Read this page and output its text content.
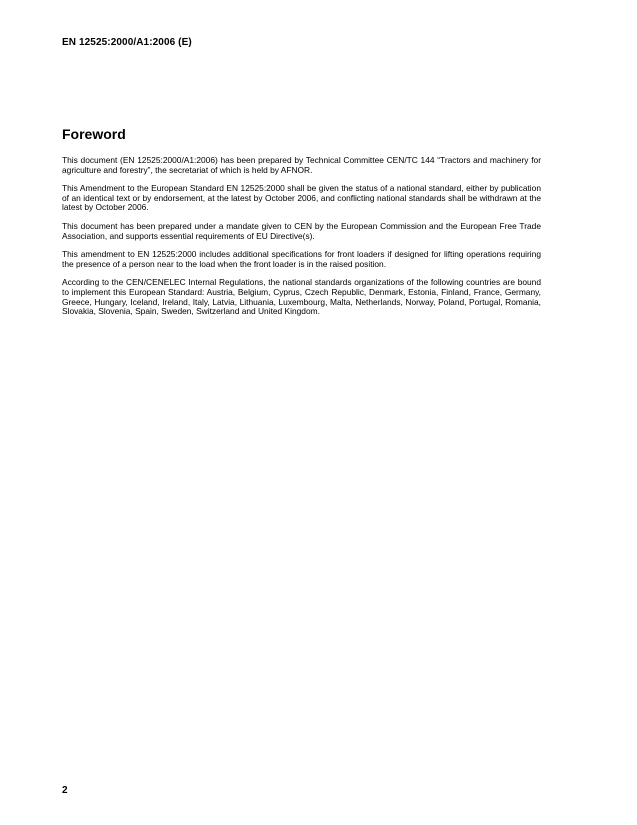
EN 12525:2000/A1:2006 (E)
Foreword

This document (EN 12525:2000/A1:2006) has been prepared by Technical Committee CEN/TC 144 “Tractors and machinery for agriculture and forestry”, the secretariat of which is held by AFNOR.

This Amendment to the European Standard EN 12525:2000 shall be given the status of a national standard, either by publication of an identical text or by endorsement, at the latest by October 2006, and conflicting national standards shall be withdrawn at the latest by October 2006.

This document has been prepared under a mandate given to CEN by the European Commission and the European Free Trade Association, and supports essential requirements of EU Directive(s).

This amendment to EN 12525:2000 includes additional specifications for front loaders if designed for lifting operations requiring the presence of a person near to the load when the front loader is in the raised position.

According to the CEN/CENELEC Internal Regulations, the national standards organizations of the following countries are bound to implement this European Standard: Austria, Belgium, Cyprus, Czech Republic, Denmark, Estonia, Finland, France, Germany, Greece, Hungary, Iceland, Ireland, Italy, Latvia, Lithuania, Luxembourg, Malta, Netherlands, Norway, Poland, Portugal, Romania, Slovakia, Slovenia, Spain, Sweden, Switzerland and United Kingdom.

2
